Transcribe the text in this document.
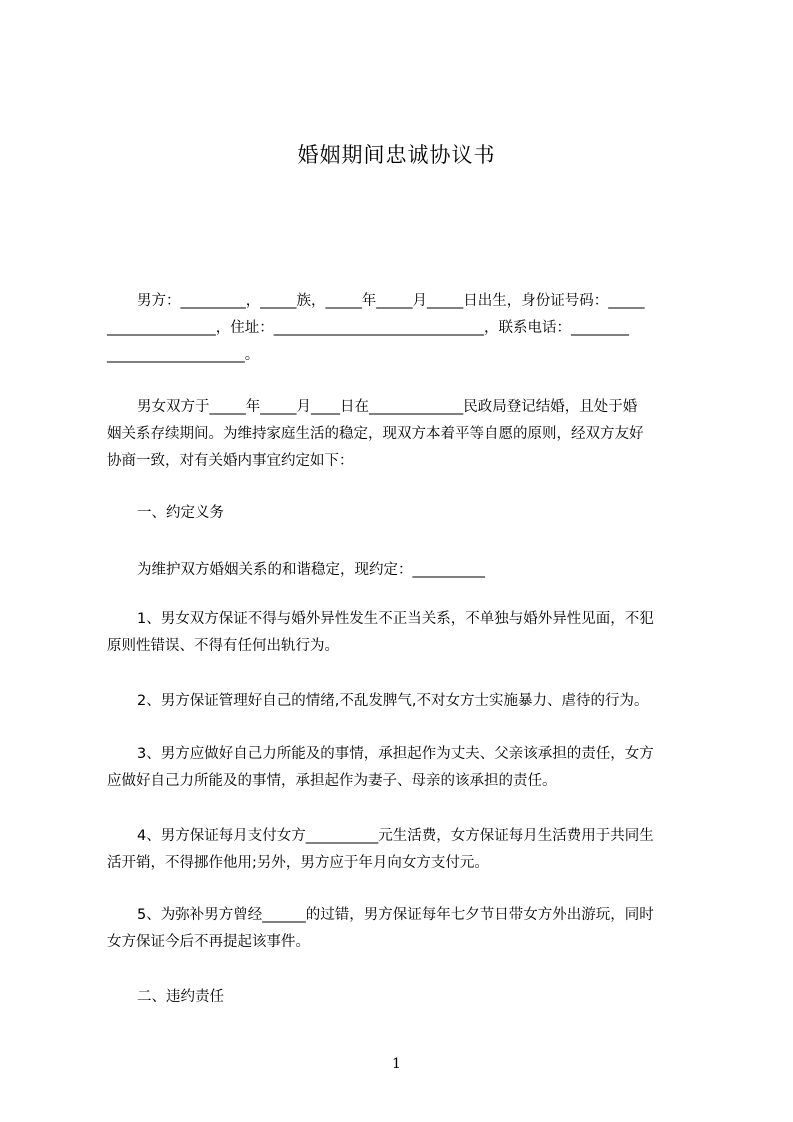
婚姻期间忠诚协议书
男方：_________，_____族，_____年_____月_____日出生，身份证号码：_____
_______________，住址：_____________________________，联系电话：________
___________________。
男女双方于_____年_____月____日在_____________民政局登记结婚，且处于婚
姻关系存续期间。为维持家庭生活的稳定，现双方本着平等自愿的原则，经双方友好
协商一致，对有关婚内事宜约定如下：
一、约定义务
为维护双方婚姻关系的和谐稳定，现约定：__________
1、男女双方保证不得与婚外异性发生不正当关系，不单独与婚外异性见面，不犯
原则性错误、不得有任何出轨行为。
2、男方保证管理好自己的情绪,不乱发脾气,不对女方士实施暴力、虐待的行为。
3、男方应做好自己力所能及的事情，承担起作为丈夫、父亲该承担的责任，女方
应做好自己力所能及的事情，承担起作为妻子、母亲的该承担的责任。
4、男方保证每月支付女方__________元生活费，女方保证每月生活费用于共同生
活开销，不得挪作他用;另外，男方应于年月向女方支付元。
5、为弥补男方曾经______的过错，男方保证每年七夕节日带女方外出游玩，同时
女方保证今后不再提起该事件。
二、违约责任
1
